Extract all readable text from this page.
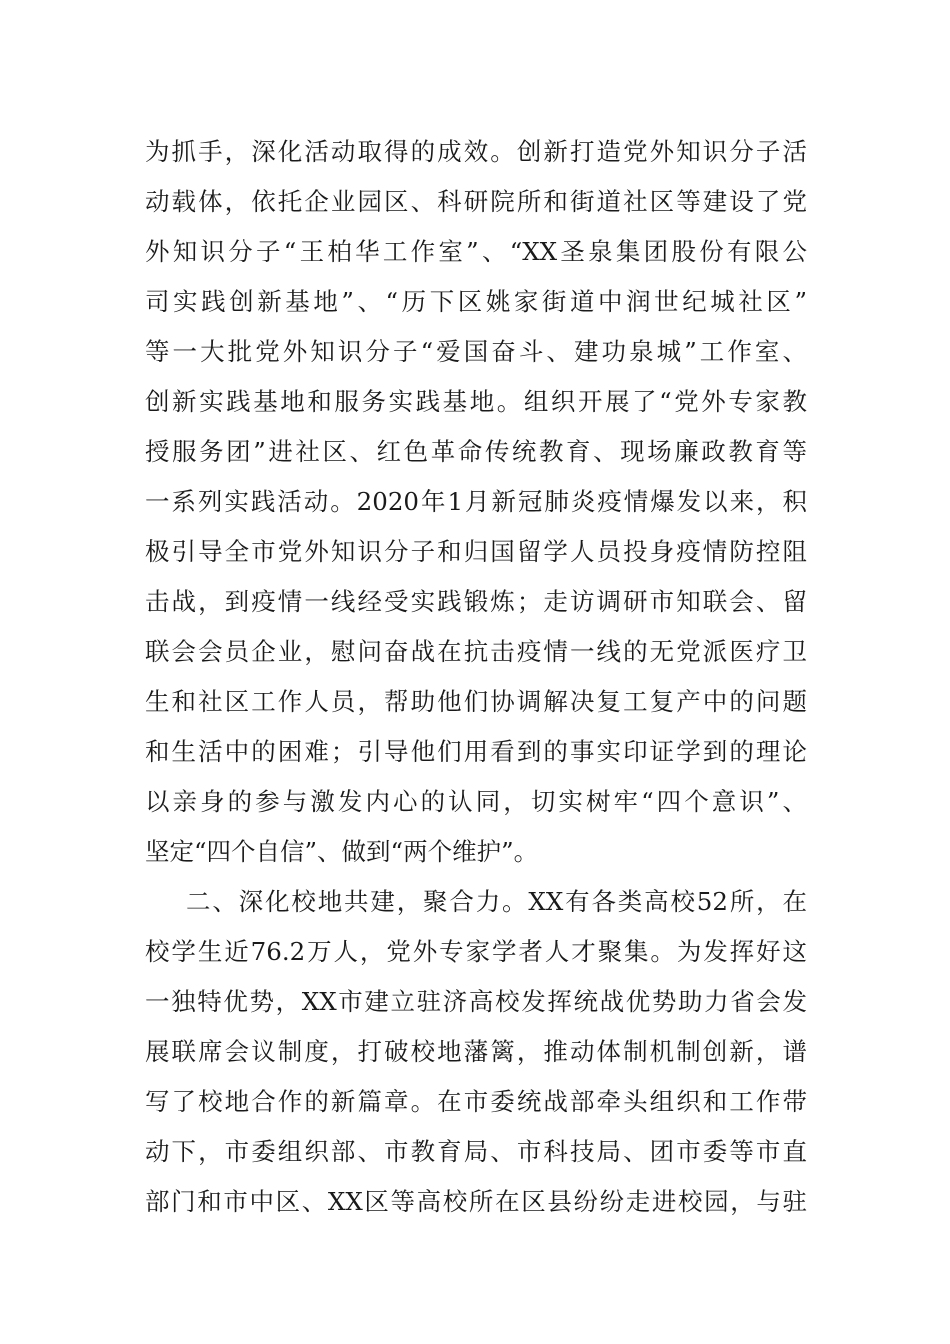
为抓手，深化活动取得的成效。创新打造党外知识分子活
动载体，依托企业园区、科研院所和街道社区等建设了党
外知识分子“王柏华工作室”、“XX圣泉集团股份有限公
司实践创新基地”、“历下区姚家街道中润世纪城社区”
等一大批党外知识分子“爱国奋斗、建功泉城”工作室、
创新实践基地和服务实践基地。组织开展了“党外专家教
授服务团”进社区、红色革命传统教育、现场廉政教育等
一系列实践活动。2020年1月新冠肺炎疫情爆发以来，积
极引导全市党外知识分子和归国留学人员投身疫情防控阻
击战，到疫情一线经受实践锻炼；走访调研市知联会、留
联会会员企业，慰问奋战在抗击疫情一线的无党派医疗卫
生和社区工作人员，帮助他们协调解决复工复产中的问题
和生活中的困难；引导他们用看到的事实印证学到的理论
以亲身的参与激发内心的认同，切实树牢“四个意识”、
坚定“四个自信”、做到“两个维护”。
二、深化校地共建，聚合力。XX有各类高校52所，在
校学生近76.2万人，党外专家学者人才聚集。为发挥好这
一独特优势，XX市建立驻济高校发挥统战优势助力省会发
展联席会议制度，打破校地藩篱，推动体制机制创新，谱
写了校地合作的新篇章。在市委统战部牵头组织和工作带
动下，市委组织部、市教育局、市科技局、团市委等市直
部门和市中区、XX区等高校所在区县纷纷走进校园，与驻
